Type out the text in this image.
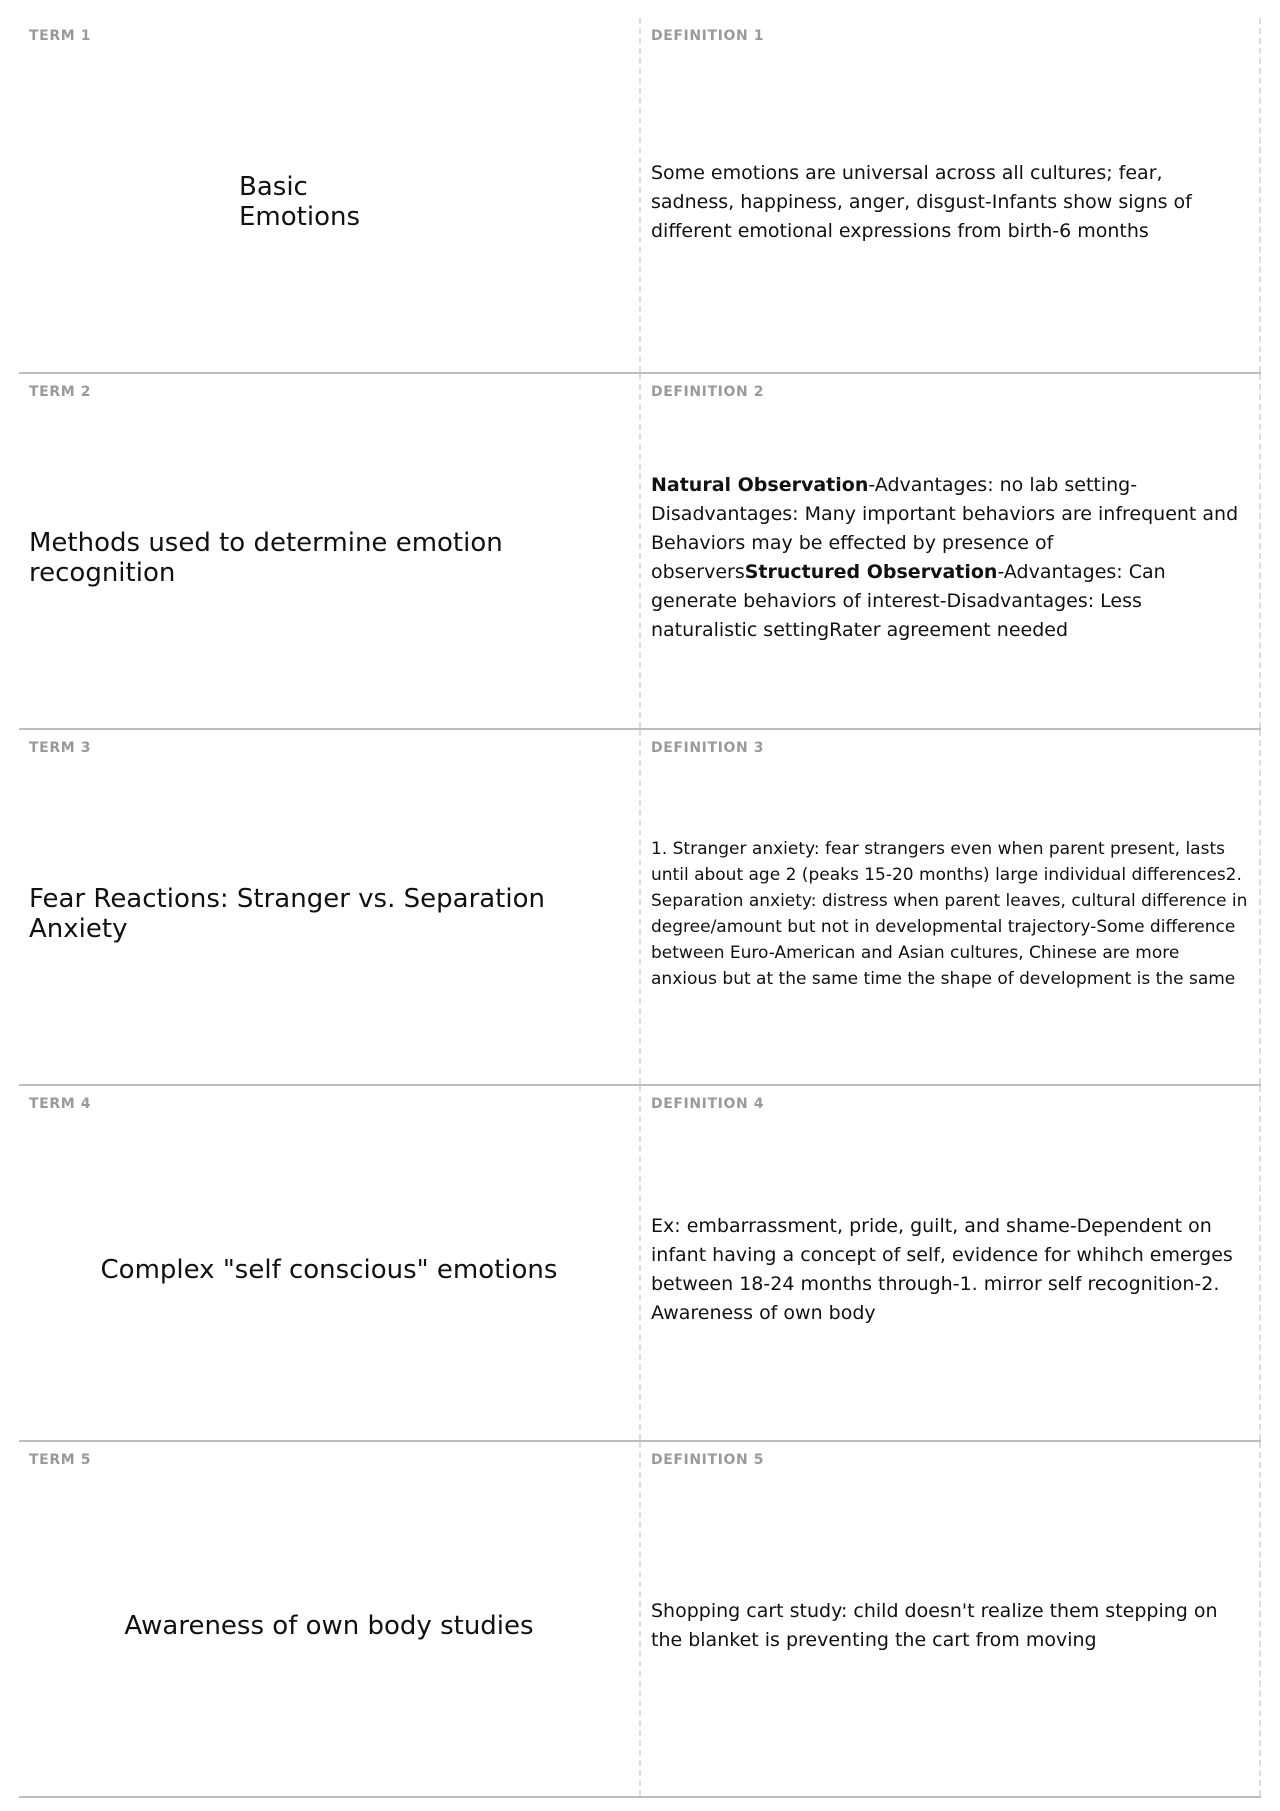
TERM 1
Basic
Emotions
DEFINITION 1
Some emotions are universal across all cultures; fear, sadness, happiness, anger, disgust-Infants show signs of different emotional expressions from birth-6 months
TERM 2
Methods used to determine emotion recognition
DEFINITION 2
Natural Observation-Advantages: no lab setting-Disadvantages: Many important behaviors are infrequent and Behaviors may be effected by presence of observersStructured Observation-Advantages: Can generate behaviors of interest-Disadvantages: Less naturalistic settingRater agreement needed
TERM 3
Fear Reactions: Stranger vs. Separation Anxiety
DEFINITION 3
1. Stranger anxiety: fear strangers even when parent present, lasts until about age 2 (peaks 15-20 months) large individual differences2. Separation anxiety: distress when parent leaves, cultural difference in degree/amount but not in developmental trajectory-Some difference between Euro-American and Asian cultures, Chinese are more anxious but at the same time the shape of development is the same
TERM 4
Complex "self conscious" emotions
DEFINITION 4
Ex: embarrassment, pride, guilt, and shame-Dependent on infant having a concept of self, evidence for whihch emerges between 18-24 months through-1. mirror self recognition-2. Awareness of own body
TERM 5
Awareness of own body studies
DEFINITION 5
Shopping cart study: child doesn't realize them stepping on the blanket is preventing the cart from moving
